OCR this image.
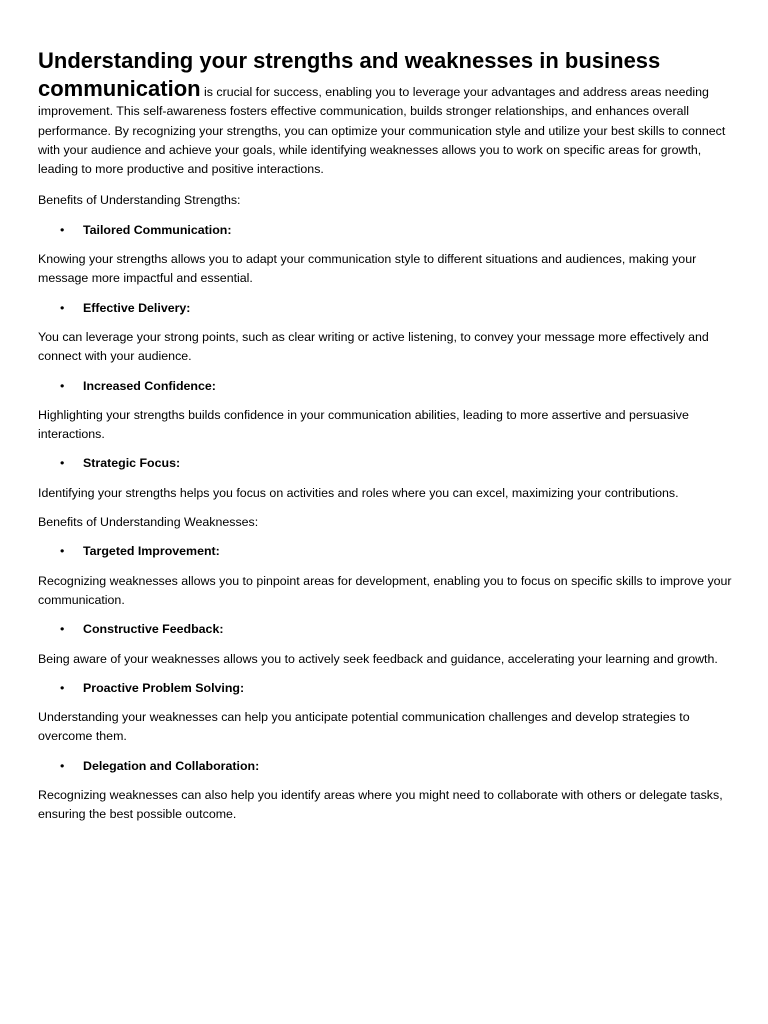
Understanding your strengths and weaknesses in business

communication is crucial for success, enabling you to leverage your advantages and address areas needing improvement. This self-awareness fosters effective communication, builds stronger relationships, and enhances overall performance. By recognizing your strengths, you can optimize your communication style and utilize your best skills to connect with your audience and achieve your goals, while identifying weaknesses allows you to work on specific areas for growth, leading to more productive and positive interactions.

Benefits of Understanding Strengths:

• Tailored Communication:

Knowing your strengths allows you to adapt your communication style to different situations and audiences, making your message more impactful and essential.

• Effective Delivery:

You can leverage your strong points, such as clear writing or active listening, to convey your message more effectively and connect with your audience.

• Increased Confidence:

Highlighting your strengths builds confidence in your communication abilities, leading to more assertive and persuasive interactions.

• Strategic Focus:

Identifying your strengths helps you focus on activities and roles where you can excel, maximizing your contributions.

Benefits of Understanding Weaknesses:

• Targeted Improvement:

Recognizing weaknesses allows you to pinpoint areas for development, enabling you to focus on specific skills to improve your communication.

• Constructive Feedback:

Being aware of your weaknesses allows you to actively seek feedback and guidance, accelerating your learning and growth.

• Proactive Problem Solving:

Understanding your weaknesses can help you anticipate potential communication challenges and develop strategies to overcome them.

• Delegation and Collaboration:

Recognizing weaknesses can also help you identify areas where you might need to collaborate with others or delegate tasks, ensuring the best possible outcome.
